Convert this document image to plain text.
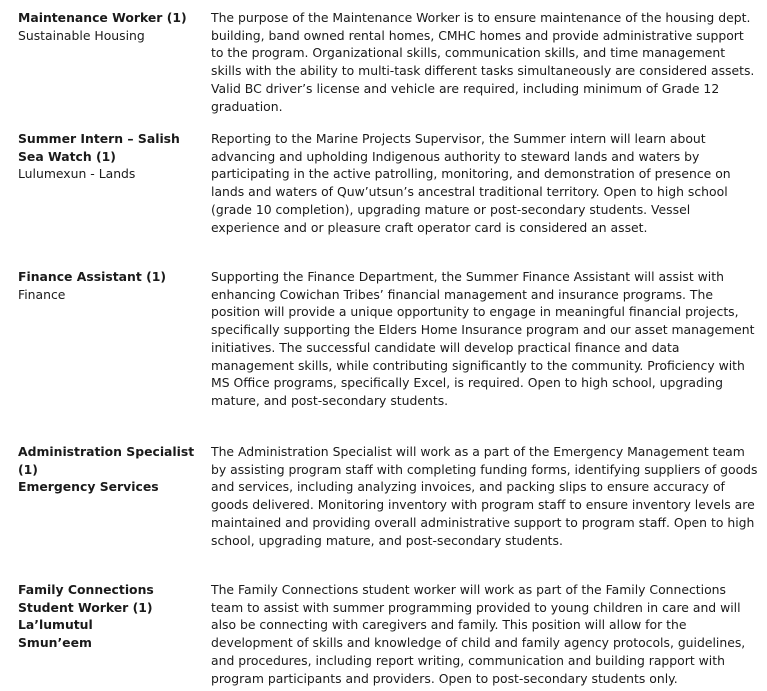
Maintenance Worker (1)
Sustainable Housing
The purpose of the Maintenance Worker is to ensure maintenance of the housing dept. building, band owned rental homes, CMHC homes and provide administrative support to the program. Organizational skills, communication skills, and time management skills with the ability to multi-task different tasks simultaneously are considered assets. Valid BC driver’s license and vehicle are required, including minimum of Grade 12 graduation.
Summer Intern – Salish Sea Watch (1)
Lulumexun - Lands
Reporting to the Marine Projects Supervisor, the Summer intern will learn about advancing and upholding Indigenous authority to steward lands and waters by participating in the active patrolling, monitoring, and demonstration of presence on lands and waters of Quw’utsun’s ancestral traditional territory. Open to high school (grade 10 completion), upgrading mature or post-secondary students. Vessel experience and or pleasure craft operator card is considered an asset.
Finance Assistant (1)
Finance
Supporting the Finance Department, the Summer Finance Assistant will assist with enhancing Cowichan Tribes’ financial management and insurance programs. The position will provide a unique opportunity to engage in meaningful financial projects, specifically supporting the Elders Home Insurance program and our asset management initiatives. The successful candidate will develop practical finance and data management skills, while contributing significantly to the community. Proficiency with MS Office programs, specifically Excel, is required. Open to high school, upgrading mature, and post-secondary students.
Administration Specialist (1)
Emergency Services
The Administration Specialist will work as a part of the Emergency Management team by assisting program staff with completing funding forms, identifying suppliers of goods and services, including analyzing invoices, and packing slips to ensure accuracy of goods delivered. Monitoring inventory with program staff to ensure inventory levels are maintained and providing overall administrative support to program staff. Open to high school, upgrading mature, and post-secondary students.
Family Connections Student Worker (1)
La’lumutul Smun’eem
The Family Connections student worker will work as part of the Family Connections team to assist with summer programming provided to young children in care and will also be connecting with caregivers and family. This position will allow for the development of skills and knowledge of child and family agency protocols, guidelines, and procedures, including report writing, communication and building rapport with program participants and providers. Open to post-secondary students only.
